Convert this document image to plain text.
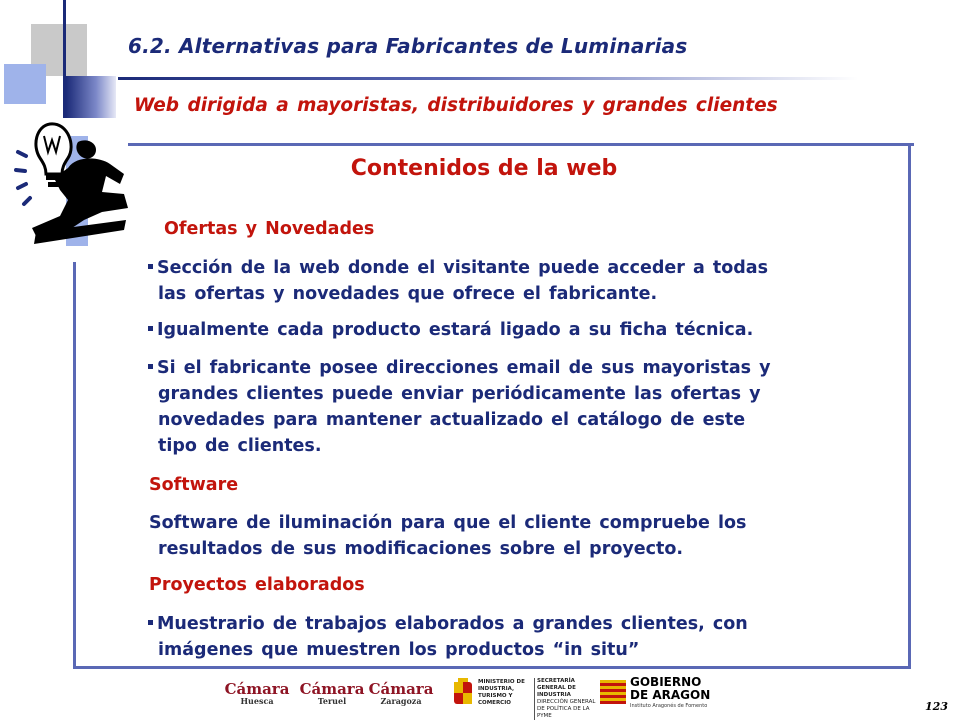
6.2. Alternativas para Fabricantes de Luminarias
Web dirigida a mayoristas, distribuidores y grandes clientes
Contenidos de la web
Ofertas y Novedades
Sección de la web donde el visitante puede acceder a todas
las ofertas y novedades que ofrece el fabricante.
Igualmente cada producto estará ligado a su ficha técnica.
Si el fabricante posee direcciones email de sus mayoristas y
grandes clientes puede enviar periódicamente las ofertas y
novedades para mantener actualizado el catálogo de este
tipo de clientes.
Software
Software de iluminación para que el cliente compruebe los
resultados de sus modificaciones sobre el proyecto.
Proyectos elaborados
Muestrario de trabajos elaborados a grandes clientes, con
imágenes que muestren los productos “in situ”
Cámara
Huesca
Cámara
Teruel
Cámara
Zaragoza
MINISTERIO DE INDUSTRIA, TURISMO Y COMERCIO
SECRETARÍA GENERAL DE INDUSTRIA
DIRECCIÓN GENERAL DE POLÍTICA DE LA PYME
GOBIERNO
DE ARAGON
Instituto Aragonés de Fomento	123
